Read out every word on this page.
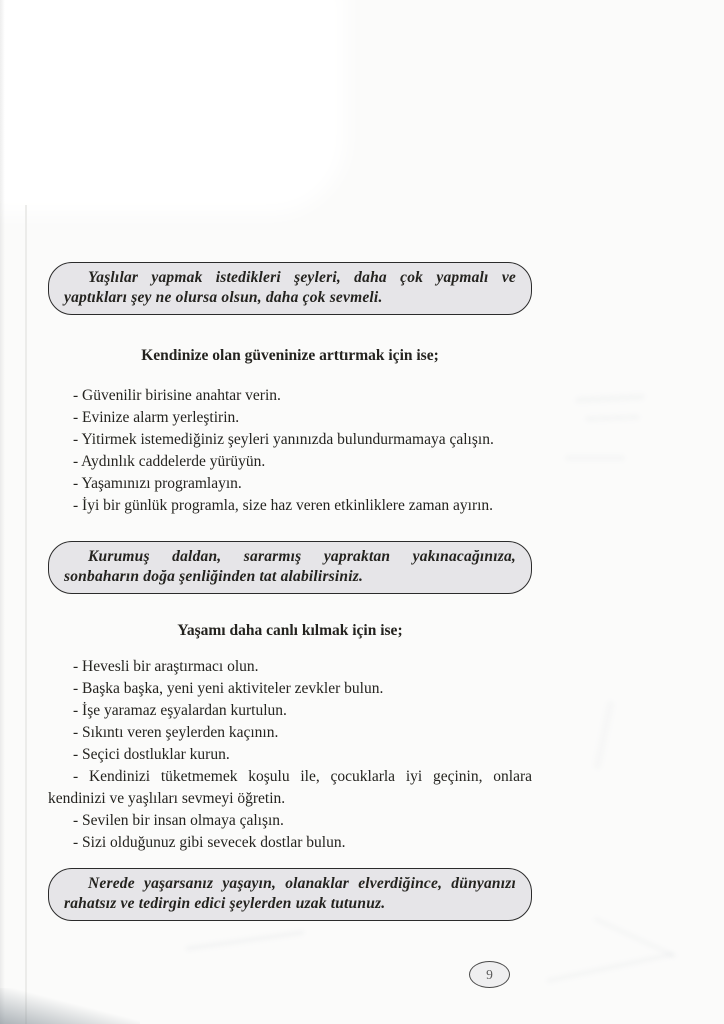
Yaşlılar yapmak istedikleri şeyleri, daha çok yapmalı ve
yaptıkları şey ne olursa olsun, daha çok sevmeli.
Kendinize olan güveninize arttırmak için ise;

- Güvenilir birisine anahtar verin.

- Evinize alarm yerleştirin.

- Yitirmek istemediğiniz şeyleri yanınızda bulundurmamaya çalışın.

- Aydınlık caddelerde yürüyün.

- Yaşamınızı programlayın.

- İyi bir günlük programla, size haz veren etkinliklere zaman ayırın.

Kurumuş daldan, sararmış yapraktan yakınacağınıza,
sonbaharın doğa şenliğinden tat alabilirsiniz.
Yaşamı daha canlı kılmak için ise;

- Hevesli bir araştırmacı olun.

- Başka başka, yeni yeni aktiviteler zevkler bulun.

- İşe yaramaz eşyalardan kurtulun.

- Sıkıntı veren şeylerden kaçının.

- Seçici dostluklar kurun.

- Kendinizi tüketmemek koşulu ile, çocuklarla iyi geçinin, onlara kendinizi ve yaşlıları sevmeyi öğretin.

- Sevilen bir insan olmaya çalışın.

- Sizi olduğunuz gibi sevecek dostlar bulun.

Nerede yaşarsanız yaşayın, olanaklar elverdiğince, dünyanızı
rahatsız ve tedirgin edici şeylerden uzak tutunuz.
9
